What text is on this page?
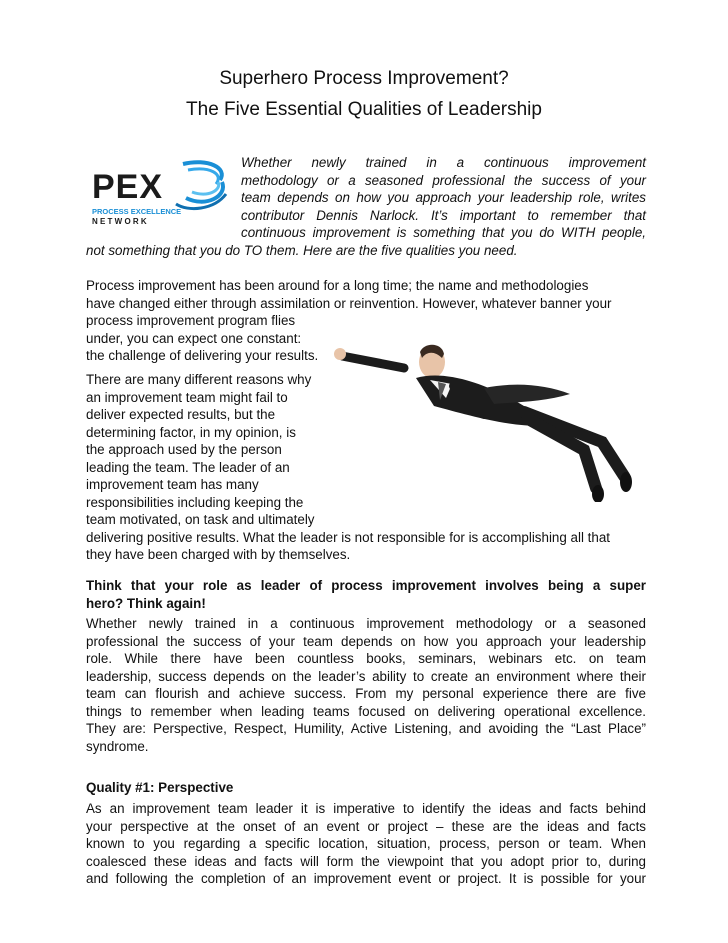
Superhero Process Improvement?
The Five Essential Qualities of Leadership
PEX
PROCESS EXCELLENCE
N E T W O R K
Whether newly trained in a continuous improvement
methodology or a seasoned professional the success of your
team depends on how you approach your leadership role, writes
contributor Dennis Narlock. It’s important to remember that
continuous improvement is something that you do WITH people,
not something that you do TO them. Here are the five qualities you need.
Process improvement has been around for a long time; the name and methodologies
have changed either through assimilation or reinvention. However, whatever banner your
process improvement program flies
under, you can expect one constant:
the challenge of delivering your results.
There are many different reasons why
an improvement team might fail to
deliver expected results, but the
determining factor, in my opinion, is
the approach used by the person
leading the team. The leader of an
improvement team has many
responsibilities including keeping the
team motivated, on task and ultimately
delivering positive results. What the leader is not responsible for is accomplishing all that
they have been charged with by themselves.
Think that your role as leader of process improvement involves being a super
hero? Think again!
Whether newly trained in a continuous improvement methodology or a seasoned
professional the success of your team depends on how you approach your leadership
role. While there have been countless books, seminars, webinars etc. on team
leadership, success depends on the leader’s ability to create an environment where their
team can flourish and achieve success. From my personal experience there are five
things to remember when leading teams focused on delivering operational excellence.
They are: Perspective, Respect, Humility, Active Listening, and avoiding the “Last Place”
syndrome.
Quality #1: Perspective
As an improvement team leader it is imperative to identify the ideas and facts behind
your perspective at the onset of an event or project – these are the ideas and facts
known to you regarding a specific location, situation, process, person or team. When
coalesced these ideas and facts will form the viewpoint that you adopt prior to, during
and following the completion of an improvement event or project. It is possible for your
